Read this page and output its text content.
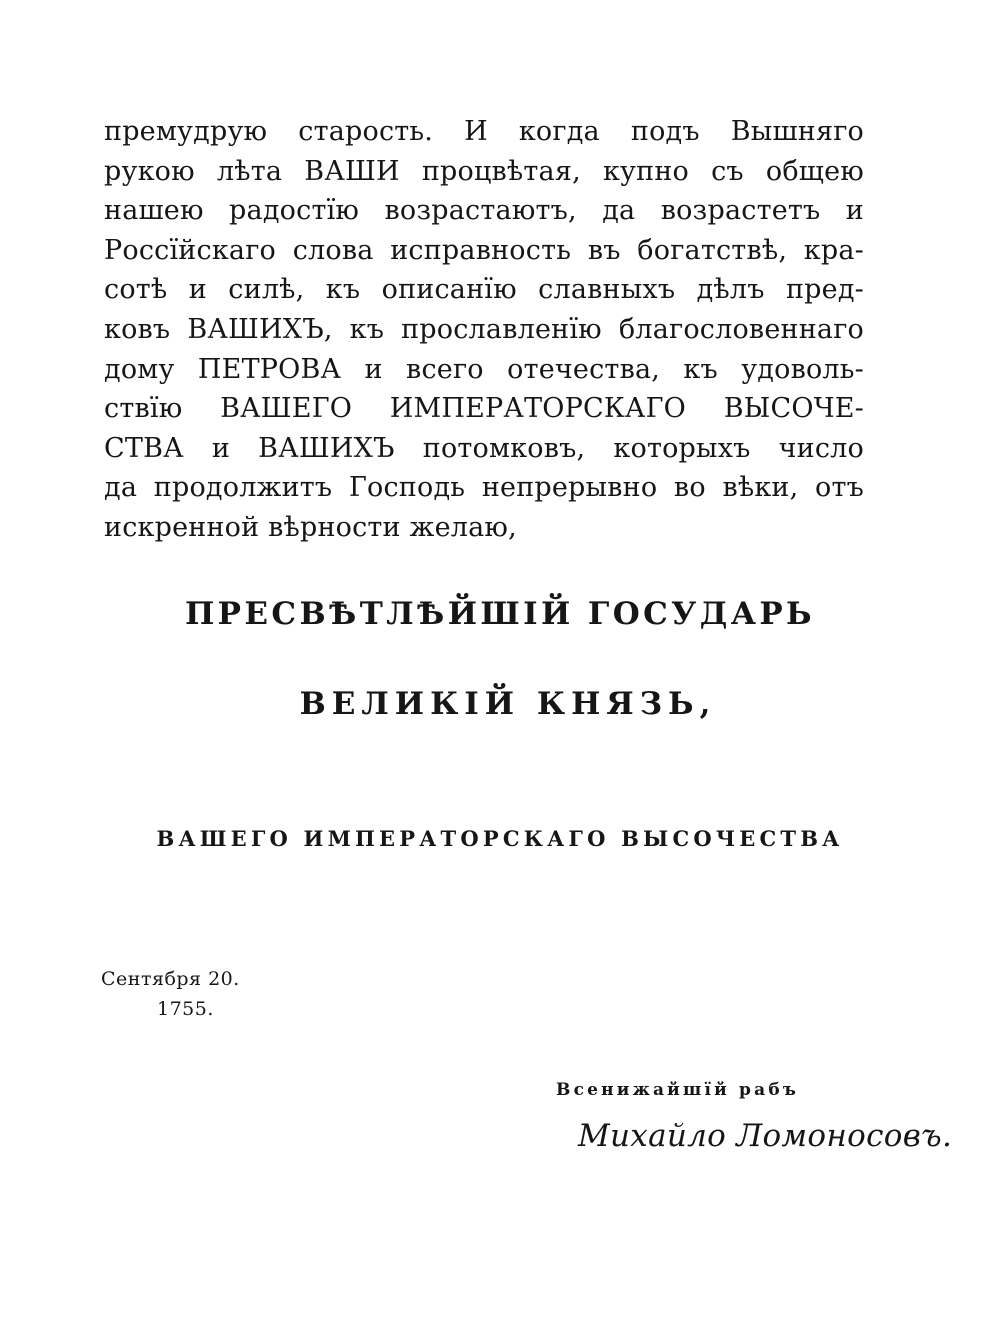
премудрую старость. И когда подъ Вышняго
рукою лѣта ВАШИ процвѣтая, купно съ общею
нашею радостїю возрастаютъ, да возрастетъ и
Россїйскаго слова исправность въ богатствѣ, кра-
сотѣ и силѣ, къ описанїю славныхъ дѣлъ пред-
ковъ ВАШИХЪ, къ прославленїю благословеннаго
дому ПЕТРОВА и всего отечества, къ удоволь-
ствїю ВАШЕГО ИМПЕРАТОРСКАГО ВЫСОЧЕ-
СТВА и ВАШИХЪ потомковъ, которыхъ число
да продолжитъ Господь непрерывно во вѣки, отъ
искренной вѣрности желаю,
ПРЕСВѢТЛѢЙШІЙ ГОСУДАРЬ
ВЕЛИКІЙ КНЯЗЬ,
ВАШЕГО ИМПЕРАТОРСКАГО ВЫСОЧЕСТВА
Сентября 20.
1755.
Всенижайшїй рабъ
Михайло Ломоносовъ.
